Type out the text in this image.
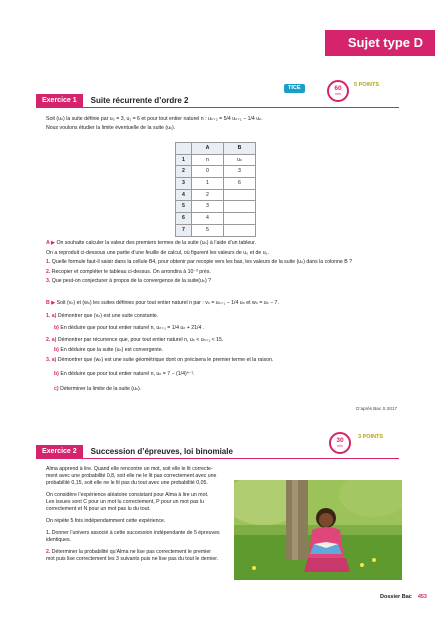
Sujet type D
TICE	60
min
5 POINTS
Exercice 1	Suite récurrente d’ordre 2
Soit (uₙ) la suite définie par u₀ = 3, u₁ = 6 et pour tout entier naturel n : uₙ₊₂ = 5/4 uₙ₊₁ − 1/4 uₙ.
Nous voulons étudier la limite éventuelle de la suite (uₙ).
	A	B
1	n	uₙ
2	0	3
3	1	6
4	2	
5	3	
6	4	
7	5	
A ▶ On souhaite calculer la valeur des premiers termes de la suite (uₙ) à l’aide d’un tableur.
On a reproduit ci-dessous une partie d’une feuille de calcul, où figurent les valeurs de u₀ et de u₁.
1. Quelle formule faut-il saisir dans la cellule B4, pour obtenir par recopie vers les bas, les valeurs de la suite (uₙ) dans la colonne B ?
2. Recopier et compléter le tableau ci-dessus. On arrondira à 10⁻³ près.
3. Que peut-on conjecturer à propos de la convergence de la suite(uₙ) ?
B ▶ Soit (vₙ) et (wₙ) les suites définies pour tout entier naturel n par : vₙ = uₙ₊₁ − 1/4 uₙ et wₙ = uₙ − 7.
1. a) Démontrer que (vₙ) est une suite constante.
b) En déduire que pour tout entier naturel n, uₙ₊₁ = 1/4 uₙ + 21/4 .
2. a) Démontrer par récurrence que, pour tout entier naturel n, uₙ < uₙ₊₁ < 15.
b) En déduire que la suite (uₙ) est convergente.
3. a) Démontrer que (wₙ) est une suite géométrique dont on précisera le premier terme et la raison.
b) En déduire que pour tout entier naturel n, uₙ = 7 − (1/4)ⁿ⁻¹.
c) Déterminer la limite de la suite (uₙ).
D’après Bac S 2017
30
min
3 POINTS
Exercice 2	Succession d’épreuves, loi binomiale
Alma apprend à lire. Quand elle rencontre un mot, soit elle le lit correcte-
ment avec une probabilité 0,8, soit elle ne le lit pas correctement avec une
probabilité 0,15, soit elle ne le lit pas du tout avec une probabilité 0,05.
On considère l’expérience aléatoire consistant pour Alma à lire un mot.
Les issues sont C pour un mot lu correctement, P pour un mot pas lu
correctement et N pour un mot pas lu du tout.
On répète 5 fois indépendamment cette expérience.
1. Donner l’univers associé à cette succession indépendante de 5 épreuves
identiques.
2. Déterminer la probabilité qu’Alma ne lise pas correctement le premier
mot puis lise correctement les 3 suivants puis ne lise pas du tout le dernier.
Dossier Bac 453
